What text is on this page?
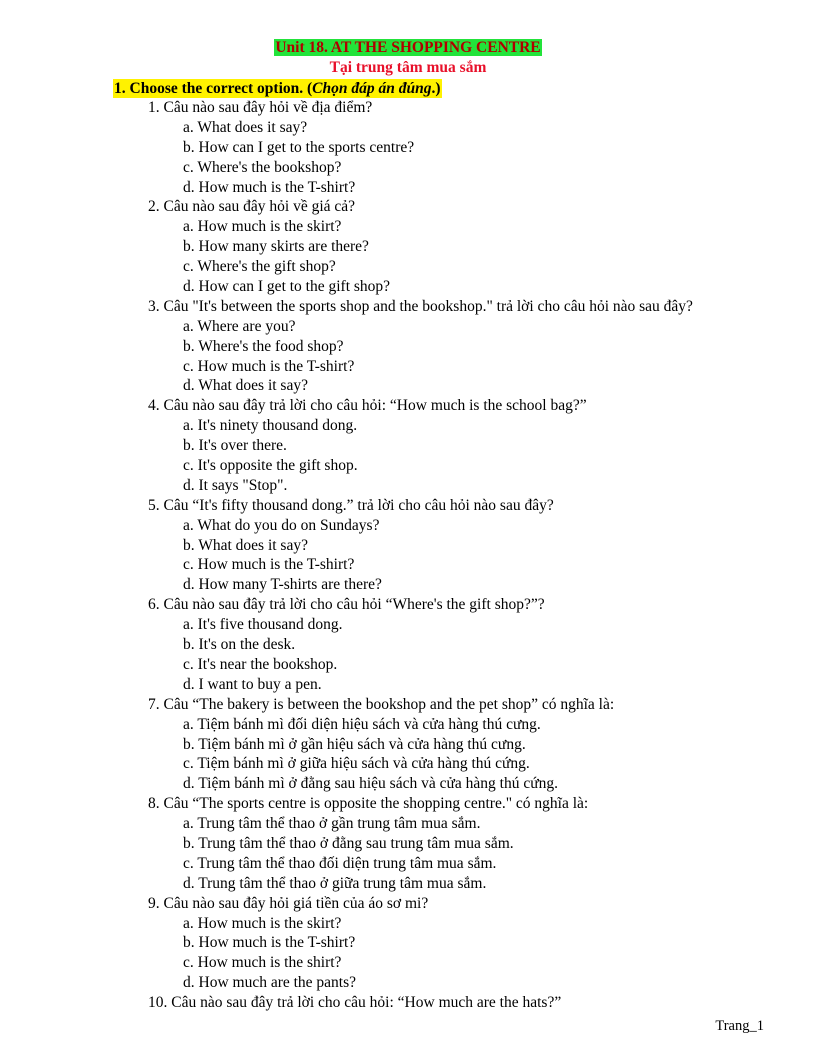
Unit 18. AT THE SHOPPING CENTRE
Tại trung tâm mua sắm
1. Choose the correct option. (Chọn đáp án đúng.)
1. Câu nào sau đây hỏi về địa điểm?
a. What does it say?
b. How can I get to the sports centre?
c. Where's the bookshop?
d. How much is the T-shirt?
2. Câu nào sau đây hỏi về giá cả?
a. How much is the skirt?
b. How many skirts are there?
c. Where's the gift shop?
d. How can I get to the gift shop?
3. Câu "It's between the sports shop and the bookshop." trả lời cho câu hỏi nào sau đây?
a. Where are you?
b. Where's the food shop?
c. How much is the T-shirt?
d. What does it say?
4. Câu nào sau đây trả lời cho câu hỏi: “How much is the school bag?”
a. It's ninety thousand dong.
b. It's over there.
c. It's opposite the gift shop.
d. It says "Stop".
5. Câu “It's fifty thousand dong.” trả lời cho câu hỏi nào sau đây?
a. What do you do on Sundays?
b. What does it say?
c. How much is the T-shirt?
d. How many T-shirts are there?
6. Câu nào sau đây trả lời cho câu hỏi “Where's the gift shop?”?
a. It's five thousand dong.
b. It's on the desk.
c. It's near the bookshop.
d. I want to buy a pen.
7. Câu “The bakery is between the bookshop and the pet shop” có nghĩa là:
a. Tiệm bánh mì đối diện hiệu sách và cửa hàng thú cưng.
b. Tiệm bánh mì ở gần hiệu sách và cửa hàng thú cưng.
c. Tiệm bánh mì ở giữa hiệu sách và cửa hàng thú cứng.
d. Tiệm bánh mì ở đằng sau hiệu sách và cửa hàng thú cứng.
8. Câu “The sports centre is opposite the shopping centre." có nghĩa là:
a. Trung tâm thể thao ở gần trung tâm mua sắm.
b. Trung tâm thể thao ở đằng sau trung tâm mua sắm.
c. Trung tâm thể thao đối diện trung tâm mua sắm.
d. Trung tâm thể thao ở giữa trung tâm mua sắm.
9. Câu nào sau đây hỏi giá tiền của áo sơ mi?
a. How much is the skirt?
b. How much is the T-shirt?
c. How much is the shirt?
d. How much are the pants?
10. Câu nào sau đây trả lời cho câu hỏi: “How much are the hats?”
Trang_1
